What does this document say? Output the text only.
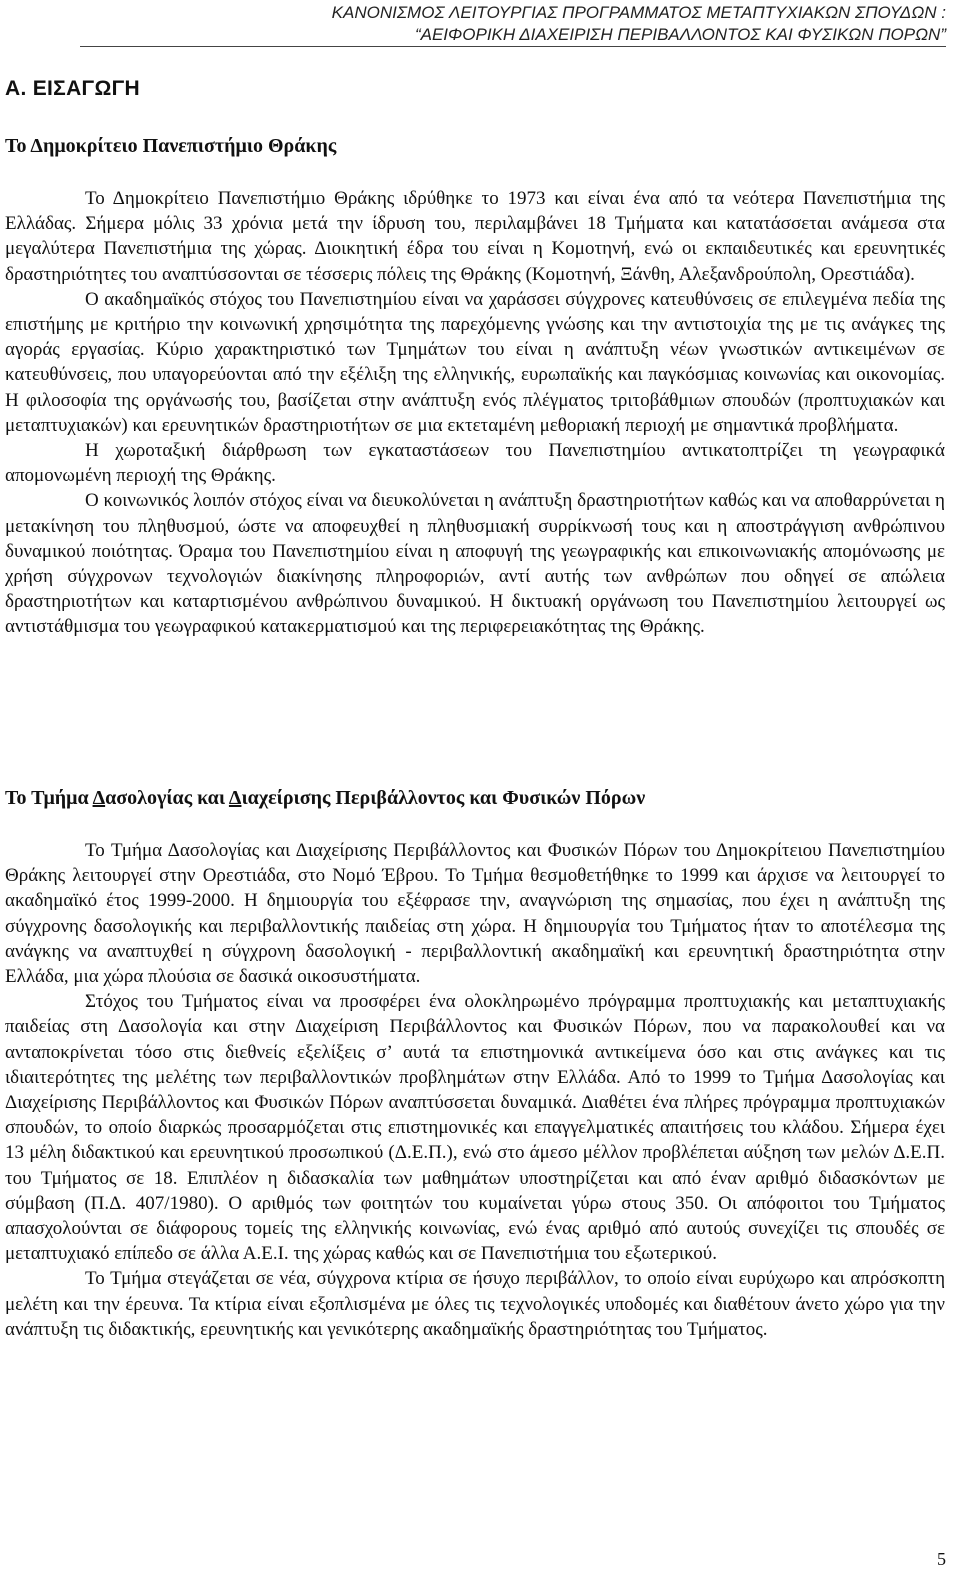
ΚΑΝΟΝΙΣΜΟΣ ΛΕΙΤΟΥΡΓΙΑΣ ΠΡΟΓΡΑΜΜΑΤΟΣ ΜΕΤΑΠΤΥΧΙΑΚΩΝ ΣΠΟΥΔΩΝ :
“ΑΕΙΦΟΡΙΚΗ ΔΙΑΧΕΙΡΙΣΗ ΠΕΡΙΒΑΛΛΟΝΤΟΣ ΚΑΙ ΦΥΣΙΚΩΝ ΠΟΡΩΝ”
Α. ΕΙΣΑΓΩΓΗ
Το Δημοκρίτειο Πανεπιστήμιο Θράκης

Το Δημοκρίτειο Πανεπιστήμιο Θράκης ιδρύθηκε το 1973 και είναι ένα από τα νεότερα Πανεπιστήμια της Ελλάδας. Σήμερα μόλις 33 χρόνια μετά την ίδρυση του, περιλαμβάνει 18 Τμήματα και κατατάσσεται ανάμεσα στα μεγαλύτερα Πανεπιστήμια της χώρας. Διοικητική έδρα του είναι η Κομοτηνή, ενώ οι εκπαιδευτικές και ερευνητικές δραστηριότητες του αναπτύσσονται σε τέσσερις πόλεις της Θράκης (Κομοτηνή, Ξάνθη, Αλεξανδρούπολη, Ορεστιάδα).

Ο ακαδημαϊκός στόχος του Πανεπιστημίου είναι να χαράσσει σύγχρονες κατευθύνσεις σε επιλεγμένα πεδία της επιστήμης με κριτήριο την κοινωνική χρησιμότητα της παρεχόμενης γνώσης και την αντιστοιχία της με τις ανάγκες της αγοράς εργασίας. Κύριο χαρακτηριστικό των Τμημάτων του είναι η ανάπτυξη νέων γνωστικών αντικειμένων σε κατευθύνσεις, που υπαγορεύονται από την εξέλιξη της ελληνικής, ευρωπαϊκής και παγκόσμιας κοινωνίας και οικονομίας. Η φιλοσοφία της οργάνωσής του, βασίζεται στην ανάπτυξη ενός πλέγματος τριτοβάθμιων σπουδών (προπτυχιακών και μεταπτυχιακών) και ερευνητικών δραστηριοτήτων σε μια εκτεταμένη μεθοριακή περιοχή με σημαντικά προβλήματα.

Η χωροταξική διάρθρωση των εγκαταστάσεων του Πανεπιστημίου αντικατοπτρίζει τη γεωγραφικά απομονωμένη περιοχή της Θράκης.

Ο κοινωνικός λοιπόν στόχος είναι να διευκολύνεται η ανάπτυξη δραστηριοτήτων καθώς και να αποθαρρύνεται η μετακίνηση του πληθυσμού, ώστε να αποφευχθεί η πληθυσμιακή συρρίκνωσή τους και η αποστράγγιση ανθρώπινου δυναμικού ποιότητας. Όραμα του Πανεπιστημίου είναι η αποφυγή της γεωγραφικής και επικοινωνιακής απομόνωσης με χρήση σύγχρονων τεχνολογιών διακίνησης πληροφοριών, αντί αυτής των ανθρώπων που οδηγεί σε απώλεια δραστηριοτήτων και καταρτισμένου ανθρώπινου δυναμικού. Η δικτυακή οργάνωση του Πανεπιστημίου λειτουργεί ως αντιστάθμισμα του γεωγραφικού κατακερματισμού και της περιφερειακότητας της Θράκης.

Το Τμήμα Δασολογίας και Διαχείρισης Περιβάλλοντος και Φυσικών Πόρων

Το Τμήμα Δασολογίας και Διαχείρισης Περιβάλλοντος και Φυσικών Πόρων του Δημοκρίτειου Πανεπιστημίου Θράκης λειτουργεί στην Ορεστιάδα, στο Νομό Έβρου. Το Τμήμα θεσμοθετήθηκε το 1999 και άρχισε να λειτουργεί το ακαδημαϊκό έτος 1999-2000. Η δημιουργία του εξέφρασε την, αναγνώριση της σημασίας, που έχει η ανάπτυξη της σύγχρονης δασολογικής και περιβαλλοντικής παιδείας στη χώρα. Η δημιουργία του Τμήματος ήταν το αποτέλεσμα της ανάγκης να αναπτυχθεί η σύγχρονη δασολογική - περιβαλλοντική ακαδημαϊκή και ερευνητική δραστηριότητα στην Ελλάδα, μια χώρα πλούσια σε δασικά οικοσυστήματα.

Στόχος του Τμήματος είναι να προσφέρει ένα ολοκληρωμένο πρόγραμμα προπτυχιακής και μεταπτυχιακής παιδείας στη Δασολογία και στην Διαχείριση Περιβάλλοντος και Φυσικών Πόρων, που να παρακολουθεί και να ανταποκρίνεται τόσο στις διεθνείς εξελίξεις σ’ αυτά τα επιστημονικά αντικείμενα όσο και στις ανάγκες και τις ιδιαιτερότητες της μελέτης των περιβαλλοντικών προβλημάτων στην Ελλάδα. Από το 1999 το Τμήμα Δασολογίας και Διαχείρισης Περιβάλλοντος και Φυσικών Πόρων αναπτύσσεται δυναμικά. Διαθέτει ένα πλήρες πρόγραμμα προπτυχιακών σπουδών, το οποίο διαρκώς προσαρμόζεται στις επιστημονικές και επαγγελματικές απαιτήσεις του κλάδου. Σήμερα έχει 13 μέλη διδακτικού και ερευνητικού προσωπικού (Δ.Ε.Π.), ενώ στο άμεσο μέλλον προβλέπεται αύξηση των μελών Δ.Ε.Π. του Τμήματος σε 18. Επιπλέον η διδασκαλία των μαθημάτων υποστηρίζεται και από έναν αριθμό διδασκόντων με σύμβαση (Π.Δ. 407/1980). Ο αριθμός των φοιτητών του κυμαίνεται γύρω στους 350. Οι απόφοιτοι του Τμήματος απασχολούνται σε διάφορους τομείς της ελληνικής κοινωνίας, ενώ ένας αριθμό από αυτούς συνεχίζει τις σπουδές σε μεταπτυχιακό επίπεδο σε άλλα Α.Ε.Ι. της χώρας καθώς και σε Πανεπιστήμια του εξωτερικού.

Το Τμήμα στεγάζεται σε νέα, σύγχρονα κτίρια σε ήσυχο περιβάλλον, το οποίο είναι ευρύχωρο και απρόσκοπτη μελέτη και την έρευνα. Τα κτίρια είναι εξοπλισμένα με όλες τις τεχνολογικές υποδομές και διαθέτουν άνετο χώρο για την ανάπτυξη τις διδακτικής, ερευνητικής και γενικότερης ακαδημαϊκής δραστηριότητας του Τμήματος.

5
